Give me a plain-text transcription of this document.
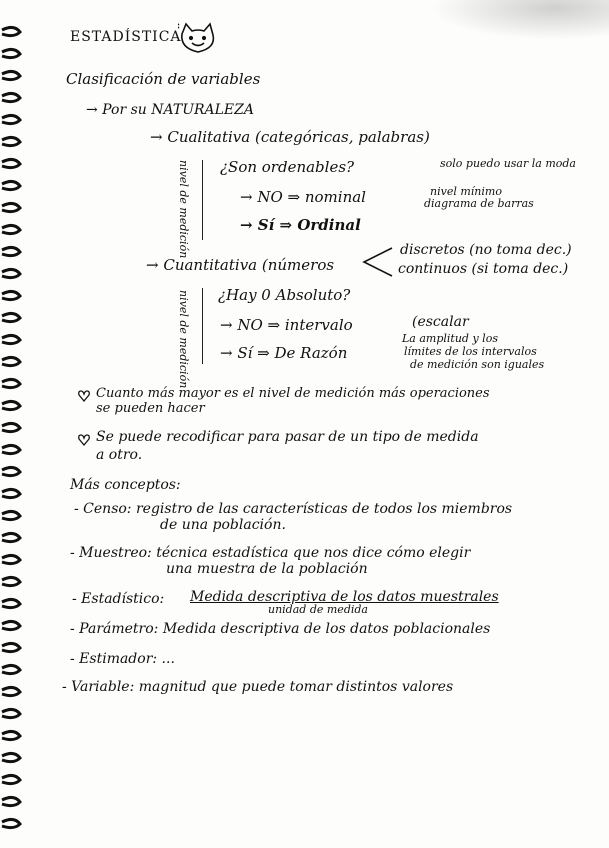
ESTADÍSTICA
Clasificación de variables
→ Por su NATURALEZA
→ Cualitativa (categóricas, palabras)
nivel de medición ¿Son ordenables?	solo puedo usar la moda
→ NO ⇒ nominal	nivel mínimo
diagrama de barras
→ Sí ⇒ Ordinal
→ Cuantitativa (números
discretos (no toma dec.)
continuos (si toma dec.)
nivel de medición ¿Hay 0 Absoluto?
→ NO ⇒ intervalo	(escalar
→ Sí ⇒ De Razón
La amplitud y los
límites de los intervalos
de medición son iguales
Cuanto más mayor es el nivel de medición más operaciones
se pueden hacer
Se puede recodificar para pasar de un tipo de medida
a otro.
Más conceptos:
- Censo: registro de las características de todos los miembros
de una población.
- Muestreo: técnica estadística que nos dice cómo elegir
una muestra de la población
- Estadístico: Medida descriptiva de los datos muestrales
unidad de medida
- Parámetro: Medida descriptiva de los datos poblacionales
- Estimador: ...
- Variable: magnitud que puede tomar distintos valores
